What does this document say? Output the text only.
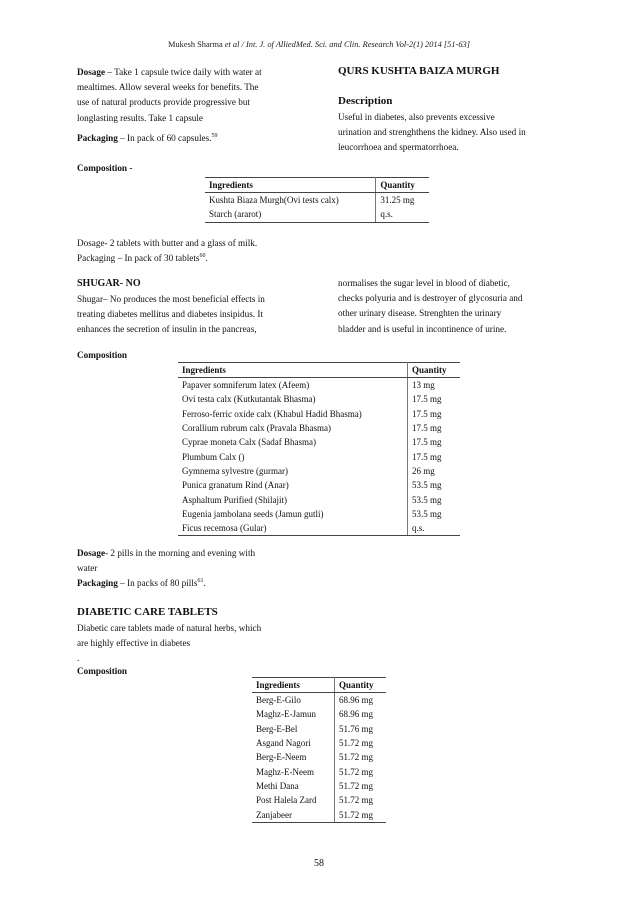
Mukesh Sharma et al / Int. J. of AlliedMed. Sci. and Clin. Research Vol-2(1) 2014 [51-63]
Dosage – Take 1 capsule twice daily with water at
mealtimes. Allow several weeks for benefits. The
use of natural products provide progressive but
longlasting results. Take 1 capsule
Packaging – In pack of 60 capsules.$^{59}$
QURS KUSHTA BAIZA MURGH
Description
Useful in diabetes, also prevents excessive
urination and strenghthens the kidney. Also used in
leucorrhoea and spermatorrhoea.
Composition -
Ingredients	Quantity
Kushta Biaza Murgh(Ovi tests calx)	31.25 mg
Starch (ararot)	q.s.
Dosage- 2 tablets with butter and a glass of milk.
Packaging – In pack of 30 tablets$^{60}$.
SHUGAR- NO
Shugar– No produces the most beneficial effects in
treating diabetes mellitus and diabetes insipidus. It
enhances the secretion of insulin in the pancreas,
normalises the sugar level in blood of diabetic,
checks polyuria and is destroyer of glycosuria and
other urinary disease. Strenghten the urinary
bladder and is useful in incontinence of urine.
Composition
Ingredients	Quantity
Papaver somniferum latex (Afeem)	13 mg
Ovi testa calx (Kutkutantak Bhasma)	17.5 mg
Ferroso-ferric oxide calx (Khabul Hadid Bhasma)	17.5 mg
Corallium rubrum calx (Pravala Bhasma)	17.5 mg
Cyprae moneta Calx (Sadaf Bhasma)	17.5 mg
Plumbum Calx ()	17.5 mg
Gymnema sylvestre (gurmar)	26 mg
Punica granatum Rind (Anar)	53.5 mg
Asphaltum Purified (Shilajit)	53.5 mg
Eugenia jambolana seeds (Jamun gutli)	53.5 mg
Ficus recemosa (Gular)	q.s.
Dosage- 2 pills in the morning and evening with
water
Packaging – In packs of 80 pills$^{61}$.
DIABETIC CARE TABLETS
Diabetic care tablets made of natural herbs, which
are highly effective in diabetes
.
Composition
Ingredients	Quantity
Berg-E-Gilo	68.96 mg
Maghz-E-Jamun	68.96 mg
Berg-E-Bel	51.76 mg
Asgand Nagori	51.72 mg
Berg-E-Neem	51.72 mg
Maghz-E-Neem	51.72 mg
Methi Dana	51.72 mg
Post Halela Zard	51.72 mg
Zanjabeer	51.72 mg
58
